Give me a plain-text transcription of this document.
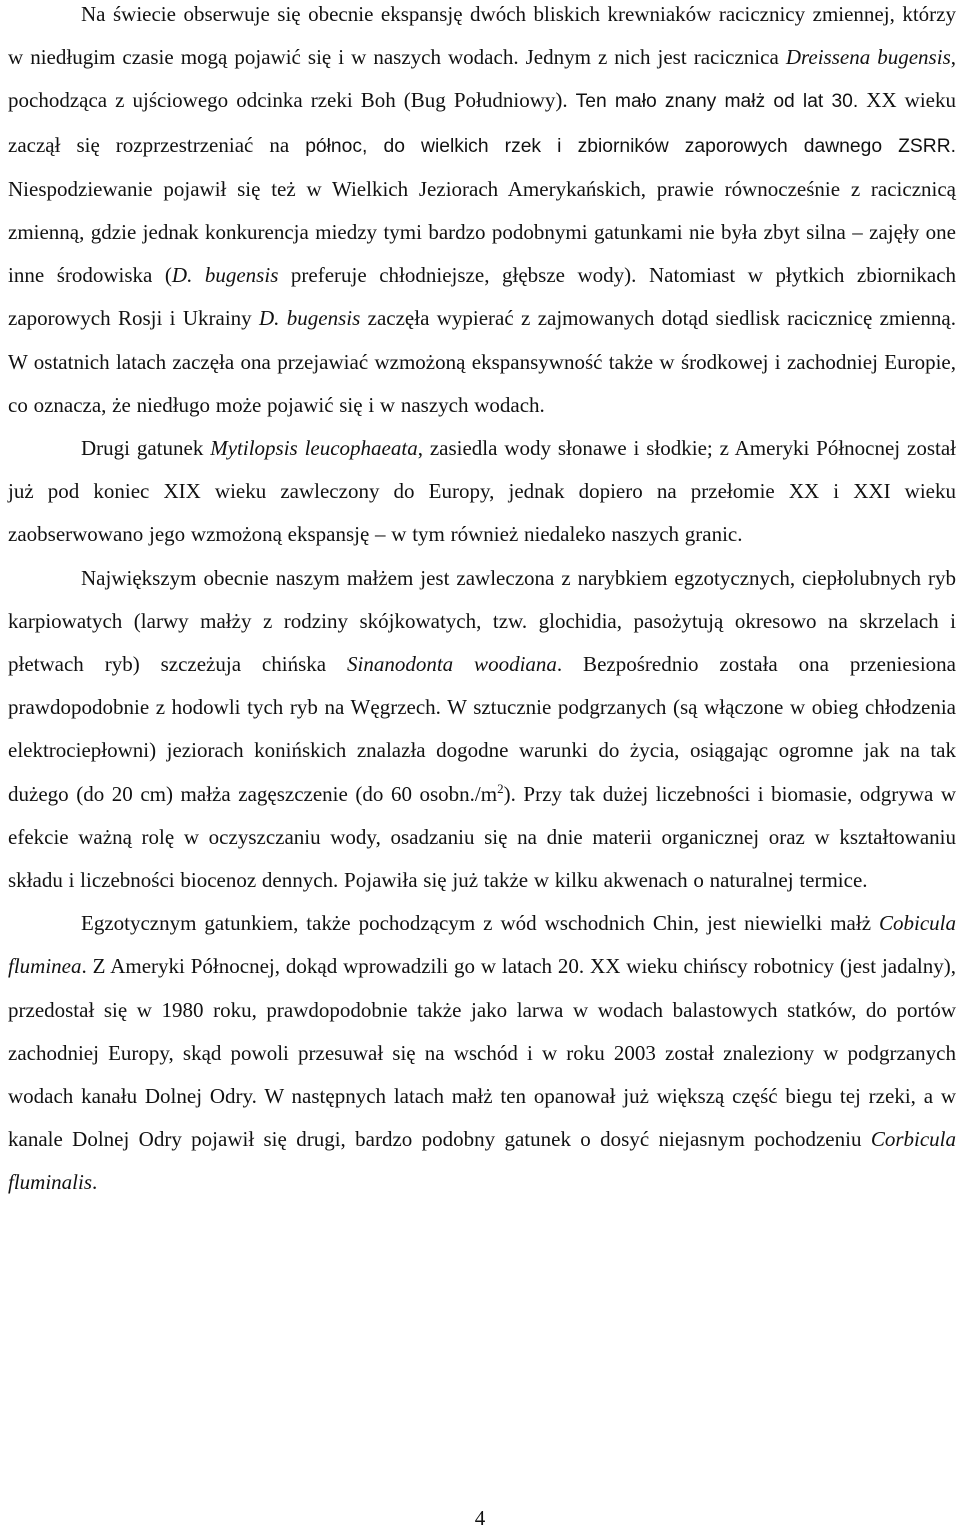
Na świecie obserwuje się obecnie ekspansję dwóch bliskich krewniaków racicznicy zmiennej, którzy w niedługim czasie mogą pojawić się i w naszych wodach. Jednym z nich jest racicznica Dreissena bugensis, pochodząca z ujściowego odcinka rzeki Boh (Bug Południowy). Ten mało znany małż od lat 30. XX wieku zaczął się rozprzestrzeniać na północ, do wielkich rzek i zbiorników zaporowych dawnego ZSRR. Niespodziewanie pojawił się też w Wielkich Jeziorach Amerykańskich, prawie równocześnie z racicznicą zmienną, gdzie jednak konkurencja miedzy tymi bardzo podobnymi gatunkami nie była zbyt silna – zajęły one inne środowiska (D. bugensis preferuje chłodniejsze, głębsze wody). Natomiast w płytkich zbiornikach zaporowych Rosji i Ukrainy D. bugensis zaczęła wypierać z zajmowanych dotąd siedlisk racicznicę zmienną. W ostatnich latach zaczęła ona przejawiać wzmożoną ekspansywność także w środkowej i zachodniej Europie, co oznacza, że niedługo może pojawić się i w naszych wodach.

Drugi gatunek Mytilopsis leucophaeata, zasiedla wody słonawe i słodkie; z Ameryki Północnej został już pod koniec XIX wieku zawleczony do Europy, jednak dopiero na przełomie XX i XXI wieku zaobserwowano jego wzmożoną ekspansję – w tym również niedaleko naszych granic.

Największym obecnie naszym małżem jest zawleczona z narybkiem egzotycznych, ciepłolubnych ryb karpiowatych (larwy małży z rodziny skójkowatych, tzw. glochidia, pasożytują okresowo na skrzelach i płetwach ryb) szczeżuja chińska Sinanodonta woodiana. Bezpośrednio została ona przeniesiona prawdopodobnie z hodowli tych ryb na Węgrzech. W sztucznie podgrzanych (są włączone w obieg chłodzenia elektrociepłowni) jeziorach konińskich znalazła dogodne warunki do życia, osiągając ogromne jak na tak dużego (do 20 cm) małża zagęszczenie (do 60 $osobn./m^2$). Przy tak dużej liczebności i biomasie, odgrywa w efekcie ważną rolę w oczyszczaniu wody, osadzaniu się na dnie materii organicznej oraz w kształtowaniu składu i liczebności biocenoz dennych. Pojawiła się już także w kilku akwenach o naturalnej termice.

Egzotycznym gatunkiem, także pochodzącym z wód wschodnich Chin, jest niewielki małż Cobicula fluminea. Z Ameryki Północnej, dokąd wprowadzili go w latach 20. XX wieku chińscy robotnicy (jest jadalny), przedostał się w 1980 roku, prawdopodobnie także jako larwa w wodach balastowych statków, do portów zachodniej Europy, skąd powoli przesuwał się na wschód i w roku 2003 został znaleziony w podgrzanych wodach kanału Dolnej Odry. W następnych latach małż ten opanował już większą część biegu tej rzeki, a w kanale Dolnej Odry pojawił się drugi, bardzo podobny gatunek o dosyć niejasnym pochodzeniu Corbicula fluminalis.

4
